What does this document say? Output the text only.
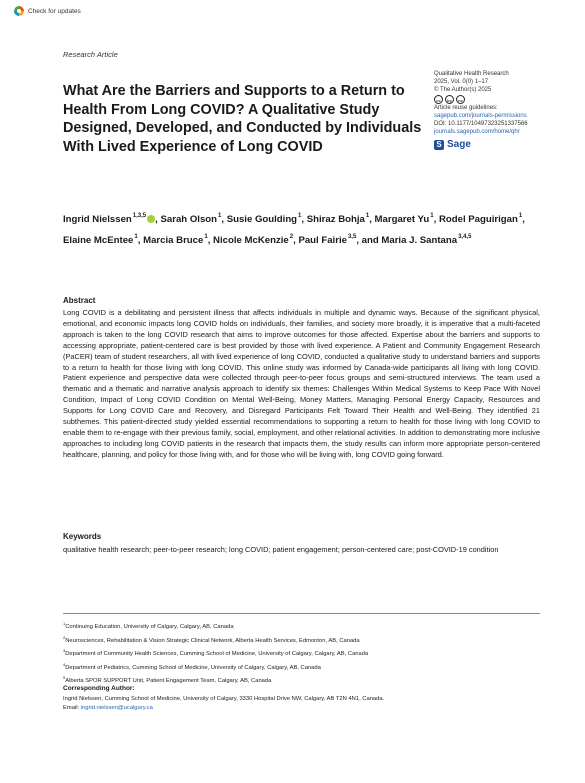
Check for updates
Research Article
What Are the Barriers and Supports to a Return to Health From Long COVID? A Qualitative Study Designed, Developed, and Conducted by Individuals With Lived Experience of Long COVID
Qualitative Health Research
2025, Vol. 0(0) 1–17
© The Author(s) 2025
cc	by	nc
Article reuse guidelines:
sagepub.com/journals-permissions
DOI: 10.1177/10497323251337566
journals.sagepub.com/home/qhr
S Sage
Ingrid Nielssen$^{1,3,5}$ , Sarah Olson$^1$, Susie Goulding$^1$, Shiraz Bohja$^1$, Margaret Yu$^1$, Rodel Paguirigan$^1$, Elaine McEntee$^1$, Marcia Bruce$^1$, Nicole McKenzie$^2$, Paul Fairie$^{3,5}$, and Maria J. Santana$^{3,4,5}$
Abstract

Long COVID is a debilitating and persistent illness that affects individuals in multiple and dynamic ways. Because of the significant physical, emotional, and economic impacts long COVID holds on individuals, their families, and society more broadly, it is imperative that a multi-faceted approach is taken to the long COVID research that aims to improve outcomes for those affected. Expertise about the barriers and supports to accessing appropriate, patient-centered care is best provided by those with lived experience. A Patient and Community Engagement Research (PaCER) team of student researchers, all with lived experience of long COVID, conducted a qualitative study to understand barriers and supports to a return to health for those living with long COVID. This online study was informed by Canada-wide participants all living with long COVID. Patient experience and perspective data were collected through peer-to-peer focus groups and semi-structured interviews. The team used a thematic and a thematic and narrative analysis approach to identify six themes: Challenges Within Medical Systems to Keep Pace With Novel Condition, Impact of Long COVID Condition on Mental Well-Being, Money Matters, Managing Personal Energy Capacity, Resources and Supports for Long COVID Care and Recovery, and Disregard Participants Felt Toward Their Health and Well-Being. They identified 21 subthemes. This patient-directed study yielded essential recommendations to supporting a return to health for those living with long COVID to enable them to re-engage with their previous family, social, employment, and other relational activities. In addition to demonstrating more inclusive approaches to including long COVID patients in the research that impacts them, the study results can inform more appropriate person-centered healthcare, planning, and policy for those living with, and for those who will be living with, long COVID going forward.

Keywords

qualitative health research; peer-to-peer research; long COVID; patient engagement; person-centered care; post-COVID-19 condition

$^1$Continuing Education, University of Calgary, Calgary, AB, Canada
$^2$Neurosciences, Rehabilitation & Vision Strategic Clinical Network, Alberta Health Services, Edmonton, AB, Canada
$^3$Department of Community Health Sciences, Cumming School of Medicine, University of Calgary, Calgary, AB, Canada
$^4$Department of Pediatrics, Cumming School of Medicine, University of Calgary, Calgary, AB, Canada
$^5$Alberta SPOR SUPPORT Unit, Patient Engagement Team, Calgary, AB, Canada
Corresponding Author:
Ingrid Nielssen, Cumming School of Medicine, University of Calgary, 3330 Hospital Drive NW, Calgary, AB T2N 4N1, Canada.
Email: ingrid.nielssen@ucalgary.ca
